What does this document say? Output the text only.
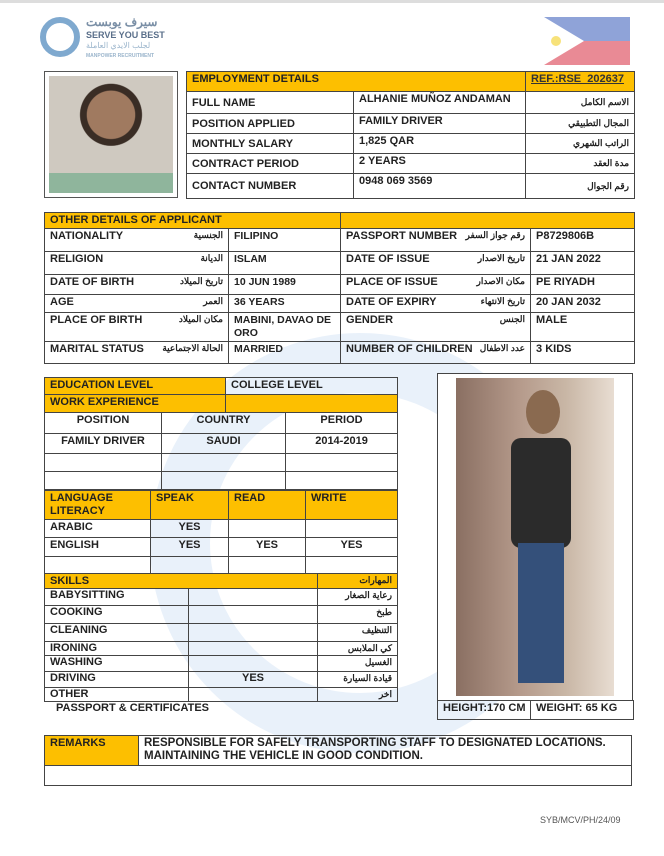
سيرف يوبست
SERVE YOU BEST
لجلب الايدي العاملة
MANPOWER RECRUITMENT
EMPLOYMENT DETAILS		REF.:RSE_202637
FULL NAME	ALHANIE MUÑOZ ANDAMAN	الاسم الكامل
POSITION APPLIED	FAMILY DRIVER	المجال التطبيقي
MONTHLY SALARY	1,825 QAR	الراتب الشهري
CONTRACT PERIOD	2 YEARS	مدة العقد
CONTACT NUMBER	0948 069 3569	رقم الجوال
OTHER DETAILS OF APPLICANT			
NATIONALITY الجنسية	FILIPINO	PASSPORT NUMBER رقم جواز السفر	P8729806B
RELIGION الديانة	ISLAM	DATE OF ISSUE تاريخ الاصدار	21 JAN 2022
DATE OF BIRTH تاريخ الميلاد	10 JUN 1989	PLACE OF ISSUE مكان الاصدار	PE RIYADH
AGE العمر	36 YEARS	DATE OF EXPIRY تاريخ الانتهاء	20 JAN 2032
PLACE OF BIRTH مكان الميلاد	MABINI, DAVAO DE ORO	GENDER الجنس	MALE
MARITAL STATUS الحالة الاجتماعية	MARRIED	NUMBER OF CHILDREN عدد الاطفال	3 KIDS
EDUCATION LEVEL		COLLEGE LEVEL	
WORK EXPERIENCE			
POSITION	COUNTRY		PERIOD
FAMILY DRIVER	SAUDI		2014-2019

LANGUAGE LITERACY	SPEAK	READ	WRITE
ARABIC	YES		
ENGLISH	YES	YES	YES

SKILLS		المهارات
BABYSITTING		رعاية الصغار
COOKING		طبخ
CLEANING		التنظيف
IRONING		كي الملابس
WASHING		الغسيل
DRIVING	YES	قيادة السيارة
OTHER		اخر
PASSPORT & CERTIFICATES	HEIGHT:170 CM	WEIGHT: 65 KG
REMARKS	RESPONSIBLE FOR SAFELY TRANSPORTING STAFF TO DESIGNATED LOCATIONS. MAINTAINING THE VEHICLE IN GOOD CONDITION.

SYB/MCV/PH/24/09
